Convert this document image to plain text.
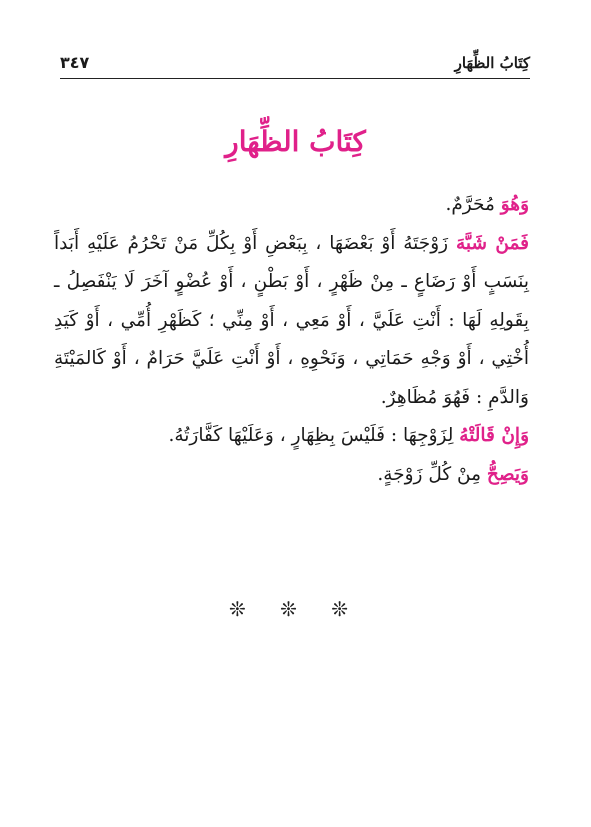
٣٤٧	كِتَابُ الظِّهَارِ
كِتَابُ الظِّهَارِ

وَهُوَ مُحَرَّمٌ.

فَمَنْ شَبَّهَ زَوْجَتَهُ أَوْ بَعْضَهَا ، بِبَعْضِ أَوْ بِكُلِّ مَنْ تَحْرُمُ عَلَيْهِ أَبَداً بِنَسَبٍ أَوْ رَضَاعٍ ـ مِنْ ظَهْرٍ ، أَوْ بَطْنٍ ، أَوْ عُضْوٍ آخَرَ لَا يَنْفَصِلُ ـ بِقَولِهِ لَهَا : أَنْتِ عَلَيَّ ، أَوْ مَعِي ، أَوْ مِنِّي ؛ كَظَهْرِ أُمِّي ، أَوْ كَيَدِ أُخْتِي ، أَوْ وَجْهِ حَمَاتِي ، وَنَحْوِهِ ، أَوْ أَنْتِ عَلَيَّ حَرَامٌ ، أَوْ كَالمَيْتَةِ وَالدَّمِ : فَهُوَ مُظَاهِرٌ.

وَإِنْ قَالَتْهُ لِزَوْجِهَا : فَلَيْسَ بِظِهَارٍ ، وَعَلَيْهَا كَفَّارَتُهُ.

وَيَصِحُّ مِنْ كُلِّ زَوْجَةٍ.

❊ ❊ ❊
